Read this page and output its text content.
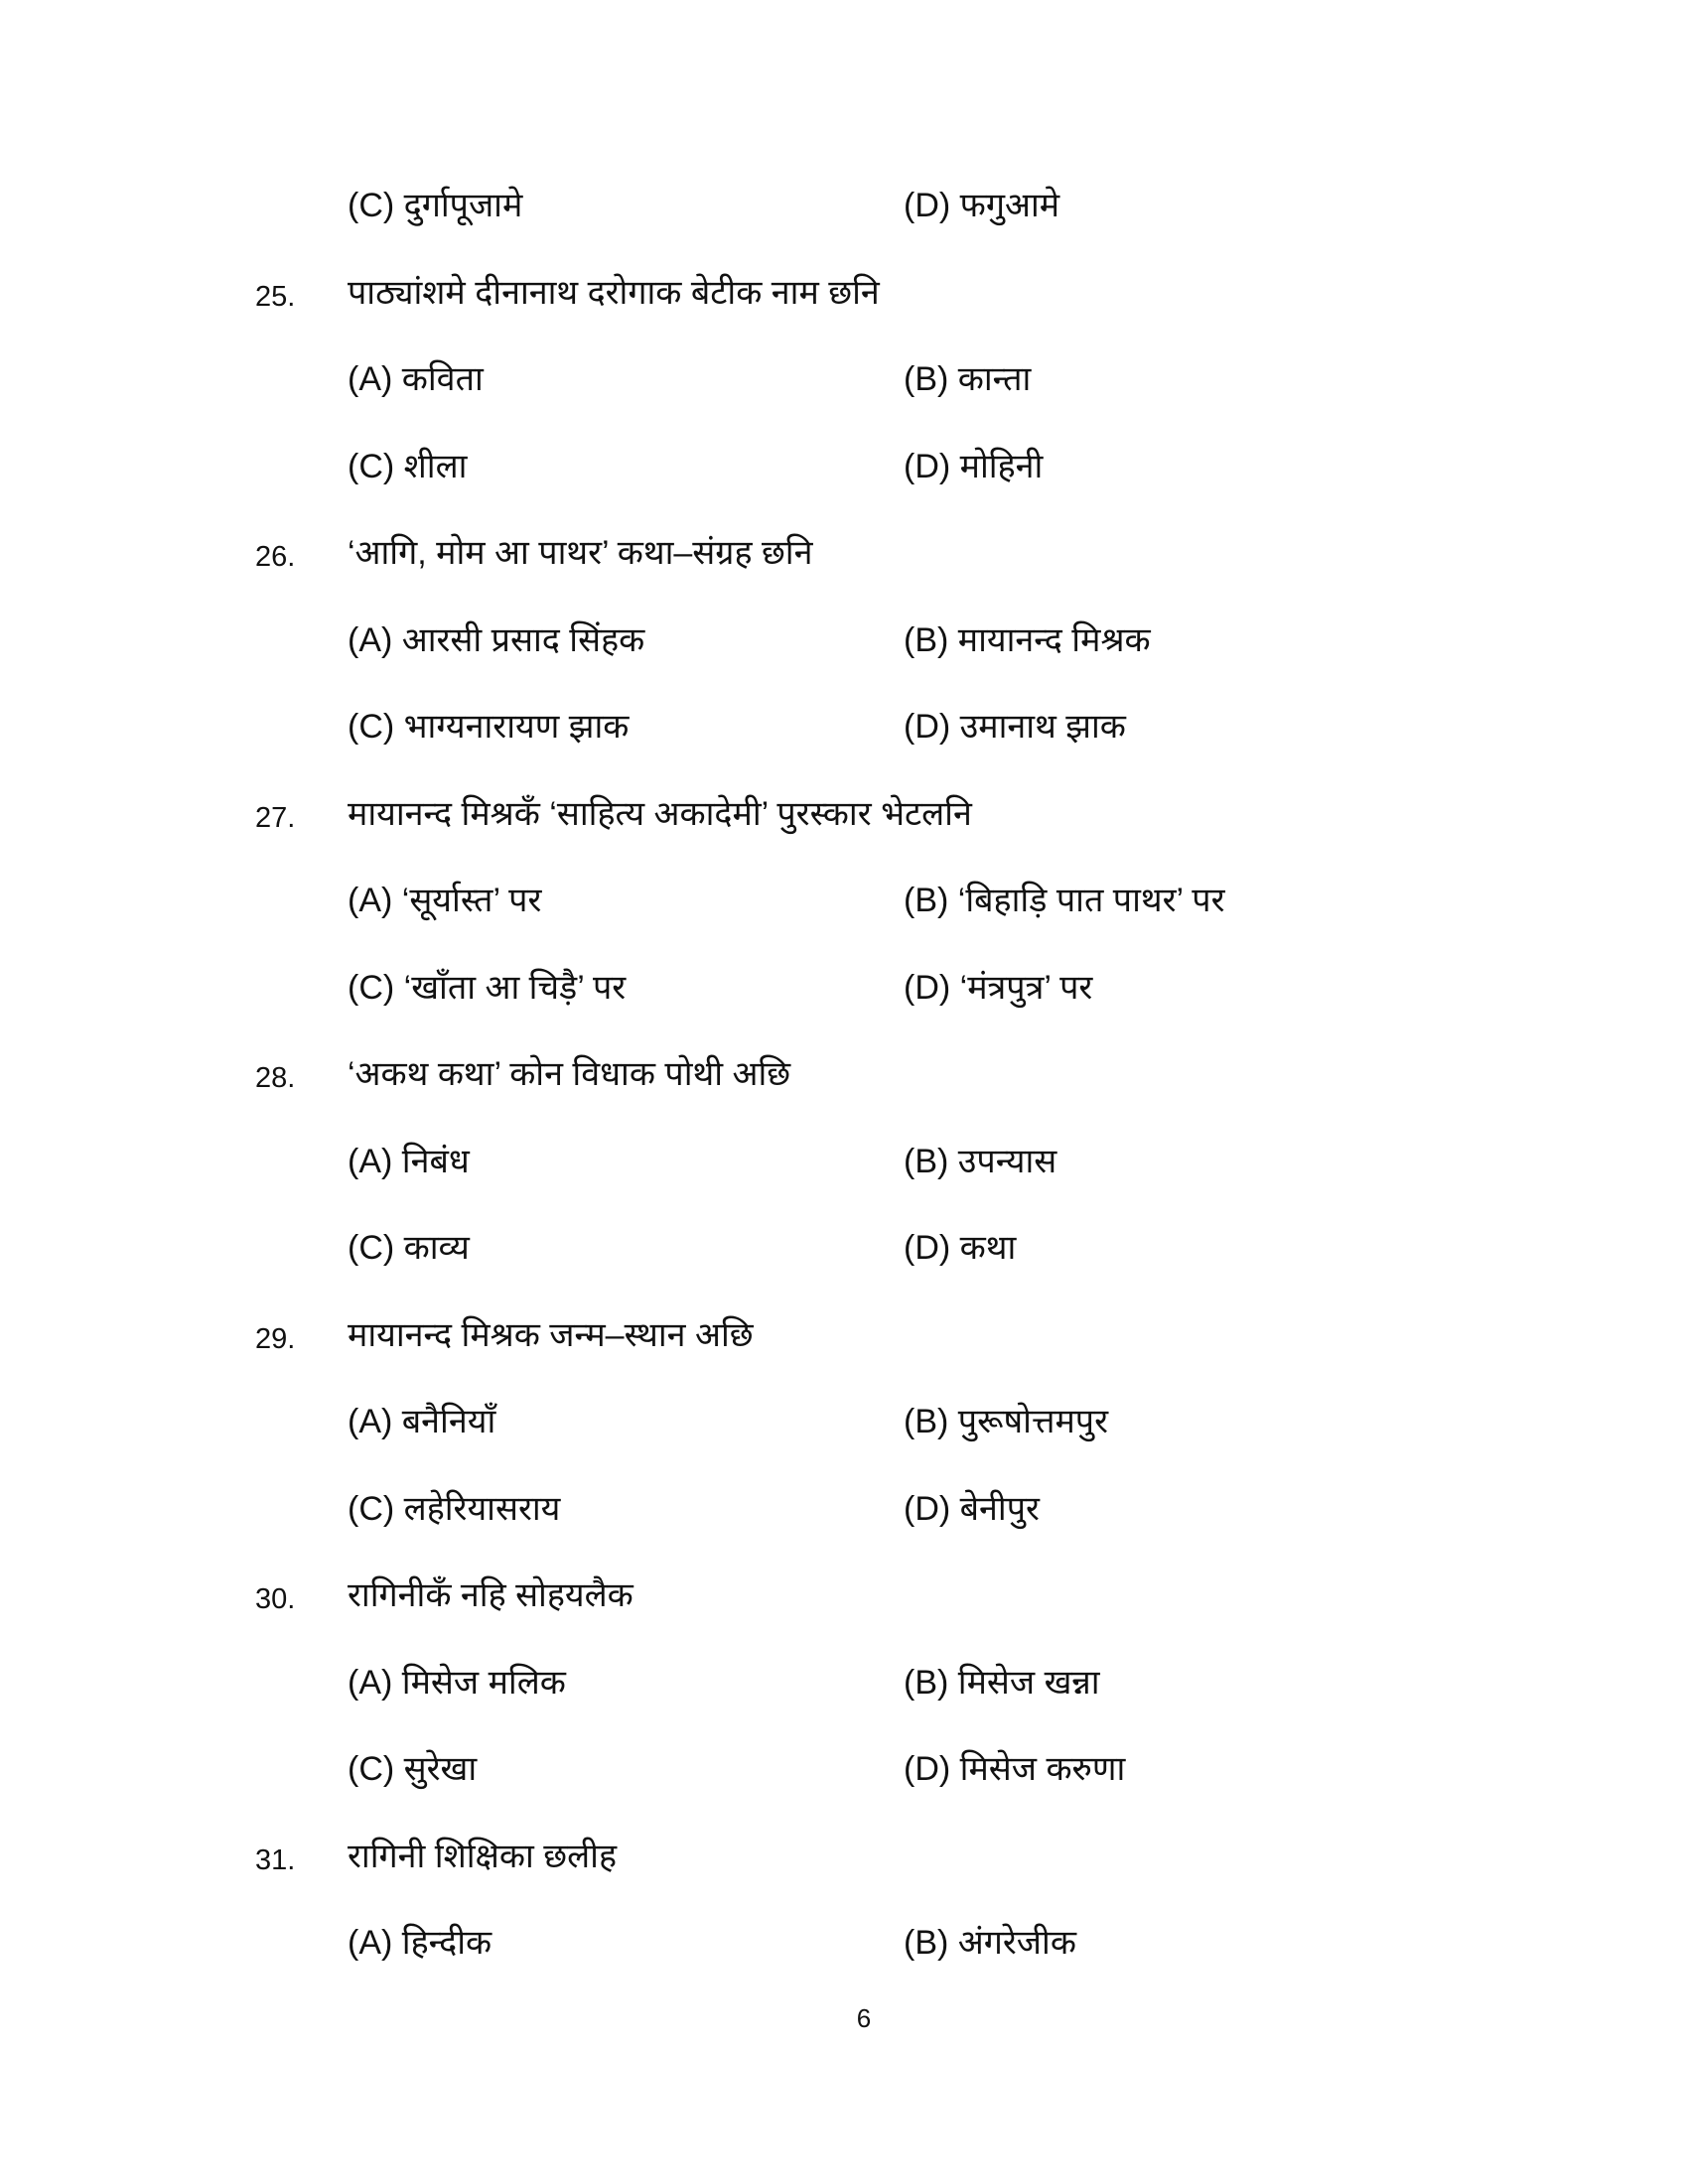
(C) दुर्गापूजामे	(D) फगुआमे
25. पाठ्यांशमे दीनानाथ दरोगाक बेटीक नाम छनि
(A) कविता	(B) कान्ता
(C) शीला	(D) मोहिनी
26. ‘आगि, मोम आ पाथर’ कथा–संग्रह छनि
(A) आरसी प्रसाद सिंहक	(B) मायानन्द मिश्रक
(C) भाग्यनारायण झाक	(D) उमानाथ झाक
27. मायानन्द मिश्रकँ ‘साहित्य अकादेमी’ पुरस्कार भेटलनि
(A) ‘सूर्यास्त’ पर	(B) ‘बिहाड़ि पात पाथर’ पर
(C) ‘खाँता आ चिड़ै’ पर	(D) ‘मंत्रपुत्र’ पर
28. ‘अकथ कथा’ कोन विधाक पोथी अछि
(A) निबंध	(B) उपन्यास
(C) काव्य	(D) कथा
29. मायानन्द मिश्रक जन्म–स्थान अछि
(A) बनैनियाँ	(B) पुरूषोत्तमपुर
(C) लहेरियासराय	(D) बेनीपुर
30. रागिनीकँ नहि सोहयलैक
(A) मिसेज मलिक	(B) मिसेज खन्ना
(C) सुरेखा	(D) मिसेज करुणा
31. रागिनी शिक्षिका छलीह
(A) हिन्दीक	(B) अंगरेजीक
6
